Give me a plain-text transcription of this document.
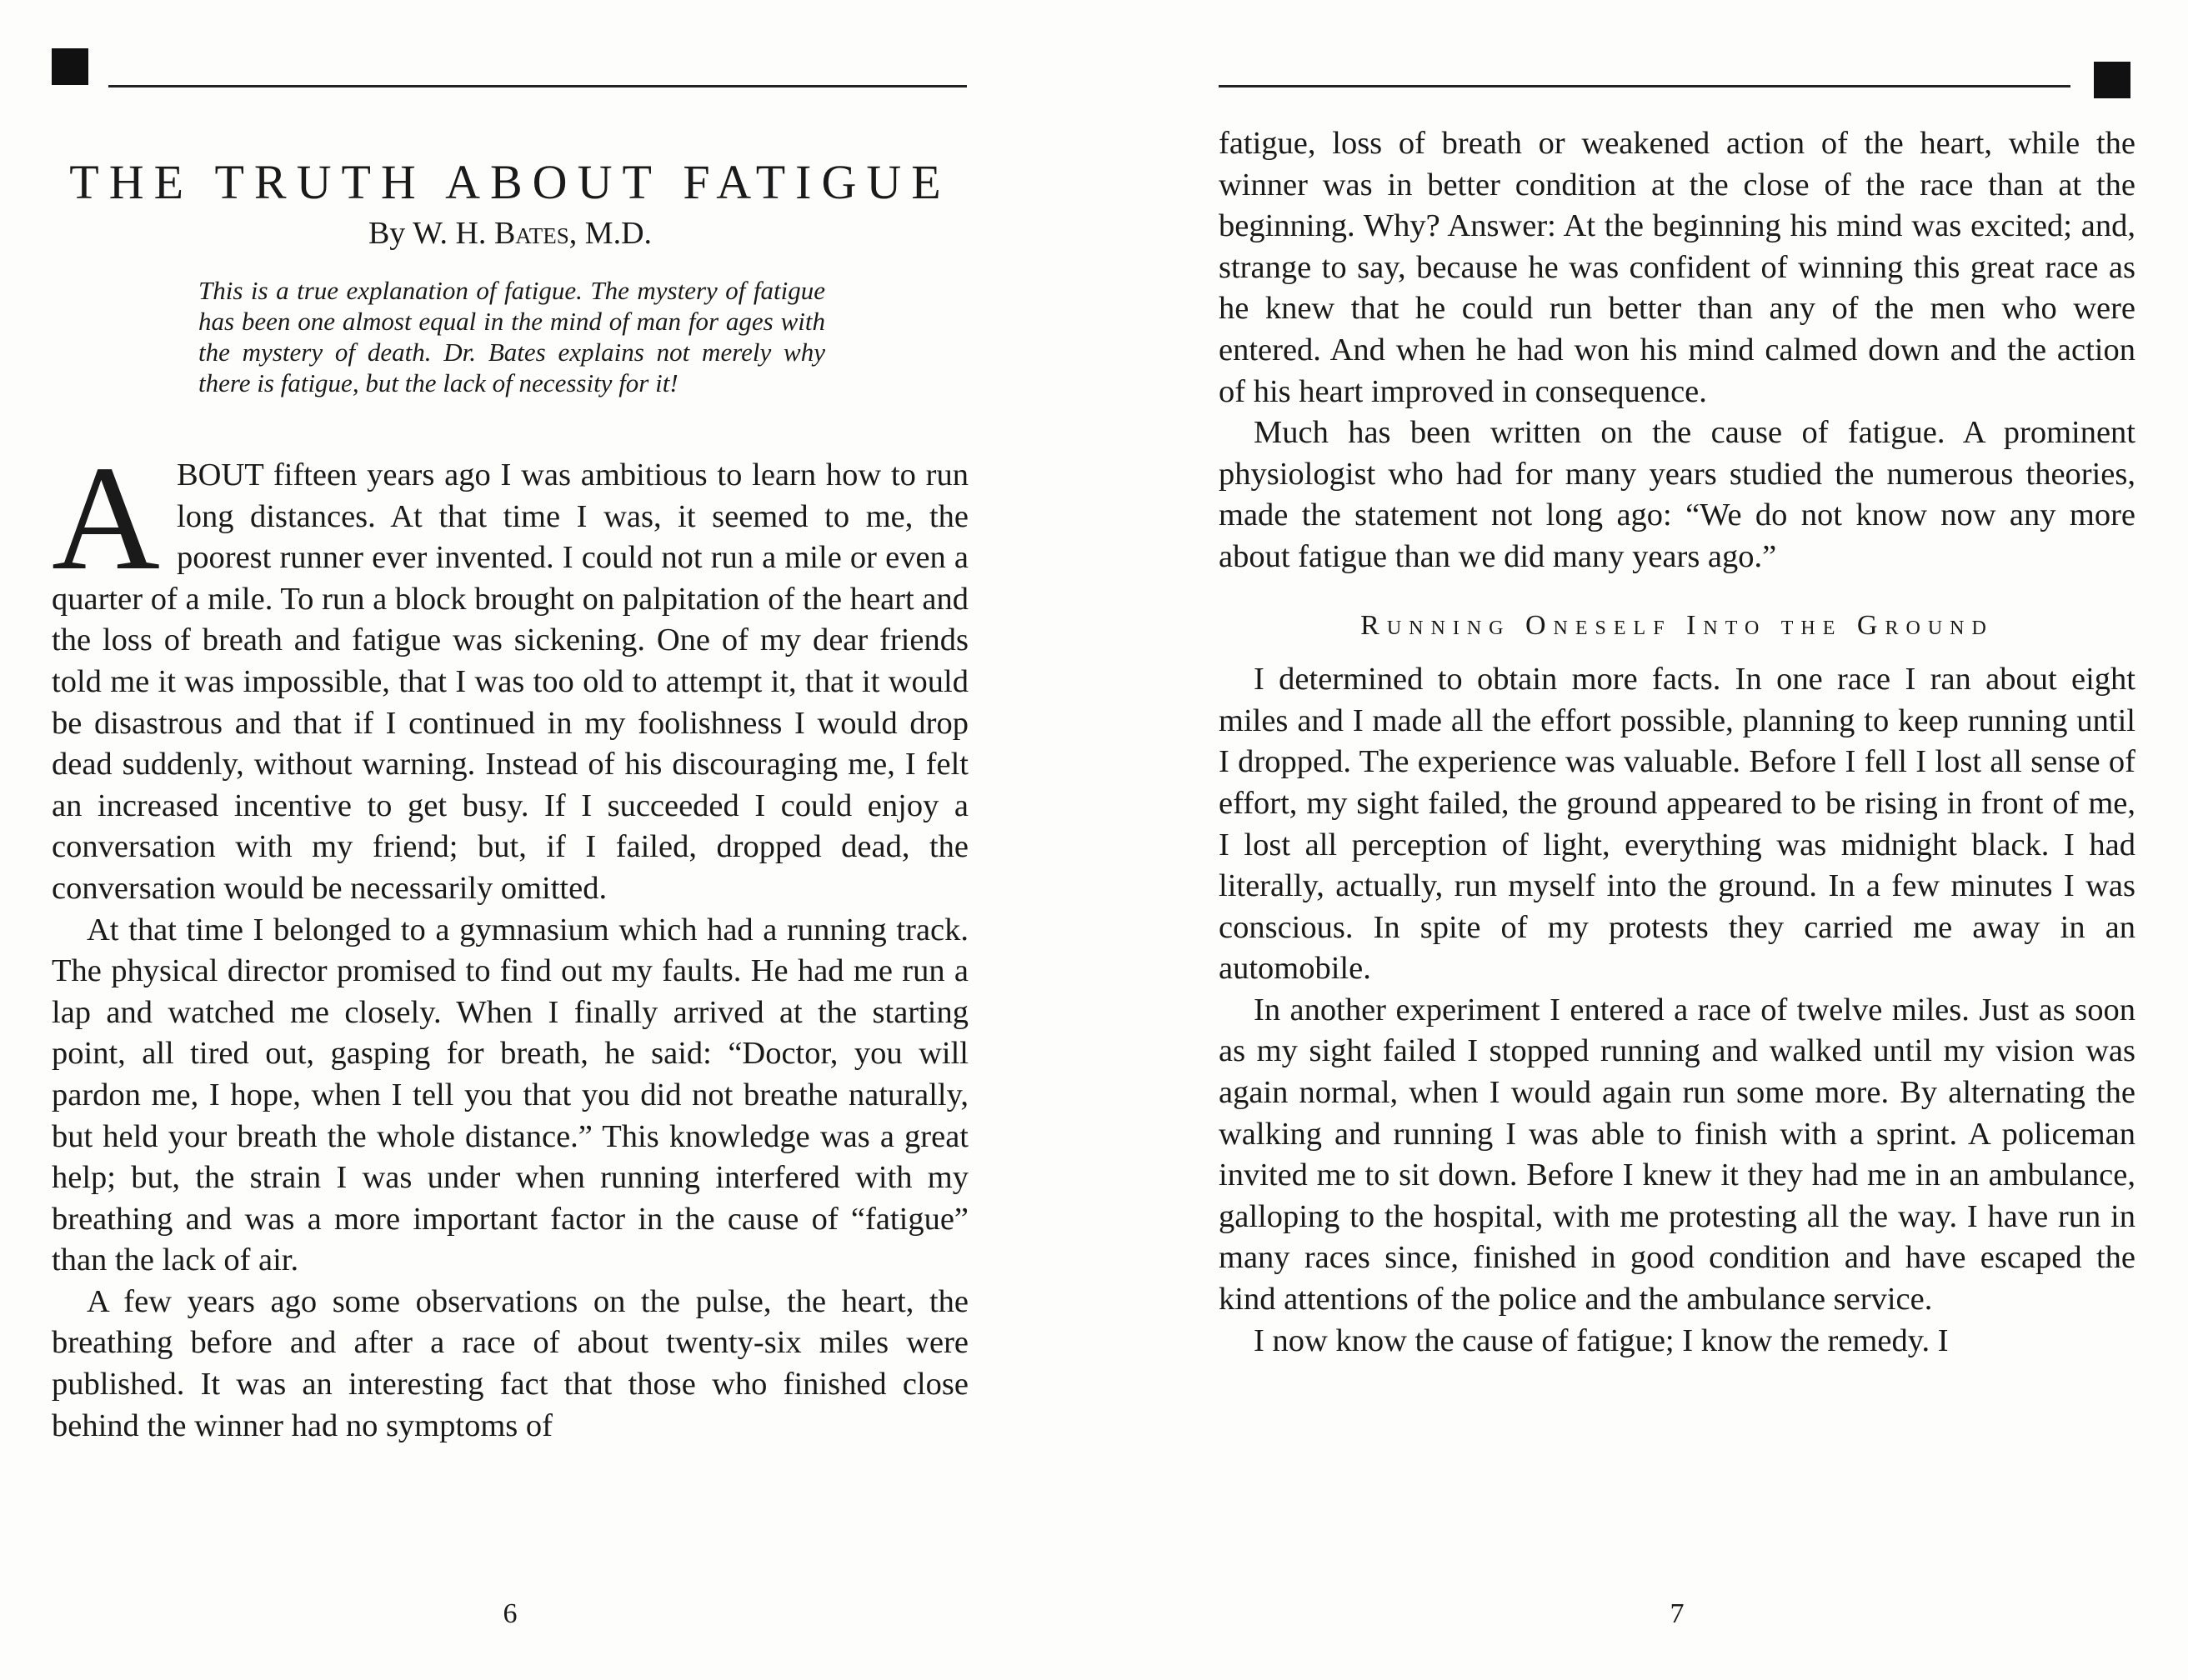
THE TRUTH ABOUT FATIGUE
By W. H. Bates, M.D.
This is a true explanation of fatigue. The mystery of fatigue has been one almost equal in the mind of man for ages with the mystery of death. Dr. Bates explains not merely why there is fatigue, but the lack of necessity for it!

ABOUT fifteen years ago I was ambitious to learn how to run long distances. At that time I was, it seemed to me, the poorest runner ever invented. I could not run a mile or even a quarter of a mile. To run a block brought on palpitation of the heart and the loss of breath and fatigue was sickening. One of my dear friends told me it was impossible, that I was too old to attempt it, that it would be disastrous and that if I continued in my foolishness I would drop dead suddenly, without warning. Instead of his discouraging me, I felt an increased incentive to get busy. If I succeeded I could enjoy a conversation with my friend; but, if I failed, dropped dead, the conversation would be necessarily omitted.

At that time I belonged to a gymnasium which had a running track. The physical director promised to find out my faults. He had me run a lap and watched me closely. When I finally arrived at the starting point, all tired out, gasping for breath, he said: “Doctor, you will pardon me, I hope, when I tell you that you did not breathe naturally, but held your breath the whole distance.” This knowledge was a great help; but, the strain I was under when running interfered with my breathing and was a more important factor in the cause of “fatigue” than the lack of air.

A few years ago some observations on the pulse, the heart, the breathing before and after a race of about twenty-six miles were published. It was an interesting fact that those who finished close behind the winner had no symptoms of

6

fatigue, loss of breath or weakened action of the heart, while the winner was in better condition at the close of the race than at the beginning. Why? Answer: At the beginning his mind was excited; and, strange to say, because he was confident of winning this great race as he knew that he could run better than any of the men who were entered. And when he had won his mind calmed down and the action of his heart improved in consequence.

Much has been written on the cause of fatigue. A prominent physiologist who had for many years studied the numerous theories, made the statement not long ago: “We do not know now any more about fatigue than we did many years ago.”

Running Oneself Into the Ground

I determined to obtain more facts. In one race I ran about eight miles and I made all the effort possible, planning to keep running until I dropped. The experience was valuable. Before I fell I lost all sense of effort, my sight failed, the ground appeared to be rising in front of me, I lost all perception of light, everything was midnight black. I had literally, actually, run myself into the ground. In a few minutes I was conscious. In spite of my protests they carried me away in an automobile.

In another experiment I entered a race of twelve miles. Just as soon as my sight failed I stopped running and walked until my vision was again normal, when I would again run some more. By alternating the walking and running I was able to finish with a sprint. A policeman invited me to sit down. Before I knew it they had me in an ambulance, galloping to the hospital, with me protesting all the way. I have run in many races since, finished in good condition and have escaped the kind attentions of the police and the ambulance service.

I now know the cause of fatigue; I know the remedy. I

7
